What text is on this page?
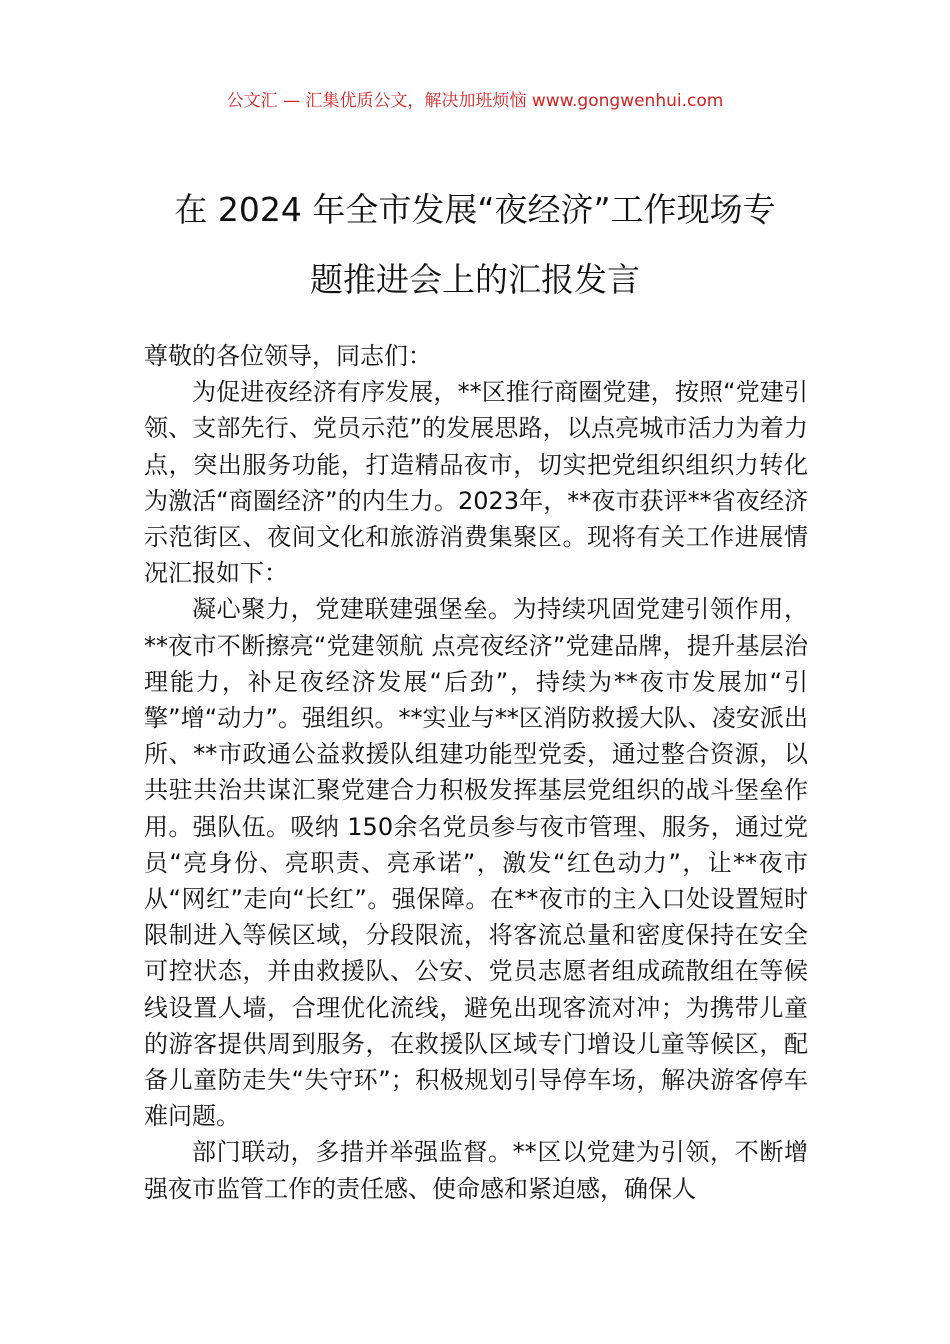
公文汇 — 汇集优质公文，解决加班烦恼 www.gongwenhui.com
在 2024 年全市发展“夜经济”工作现场专
题推进会上的汇报发言

尊敬的各位领导，同志们：

为促进夜经济有序发展，**区推行商圈党建，按照“党建引领、支部先行、党员示范”的发展思路，以点亮城市活力为着力点，突出服务功能，打造精品夜市，切实把党组织组织力转化为激活“商圈经济”的内生力。2023年，**夜市获评**省夜经济示范街区、夜间文化和旅游消费集聚区。现将有关工作进展情况汇报如下：

凝心聚力，党建联建强堡垒。为持续巩固党建引领作用，**夜市不断擦亮“党建领航 点亮夜经济”党建品牌，提升基层治理能力，补足夜经济发展“后劲”，持续为**夜市发展加“引擎”增“动力”。强组织。**实业与**区消防救援大队、凌安派出所、**市政通公益救援队组建功能型党委，通过整合资源，以共驻共治共谋汇聚党建合力积极发挥基层党组织的战斗堡垒作用。强队伍。吸纳 150余名党员参与夜市管理、服务，通过党员“亮身份、亮职责、亮承诺”，激发“红色动力”，让**夜市从“网红”走向“长红”。强保障。在**夜市的主入口处设置短时限制进入等候区域，分段限流，将客流总量和密度保持在安全可控状态，并由救援队、公安、党员志愿者组成疏散组在等候线设置人墙，合理优化流线，避免出现客流对冲；为携带儿童的游客提供周到服务，在救援队区域专门增设儿童等候区，配备儿童防走失“失守环”；积极规划引导停车场，解决游客停车难问题。

部门联动，多措并举强监督。**区以党建为引领，不断增强夜市监管工作的责任感、使命感和紧迫感，确保人
